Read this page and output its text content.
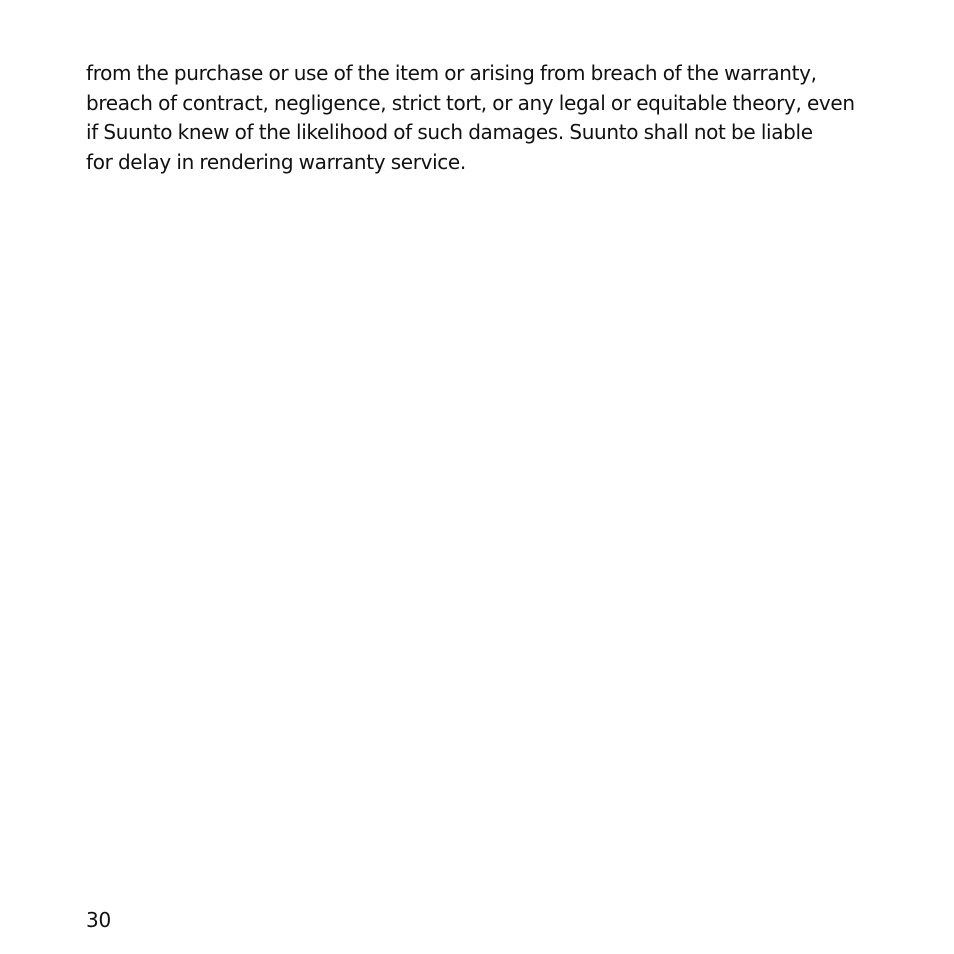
from the purchase or use of the item or arising from breach of the warranty,
breach of contract, negligence, strict tort, or any legal or equitable theory, even
if Suunto knew of the likelihood of such damages. Suunto shall not be liable
for delay in rendering warranty service.

30
